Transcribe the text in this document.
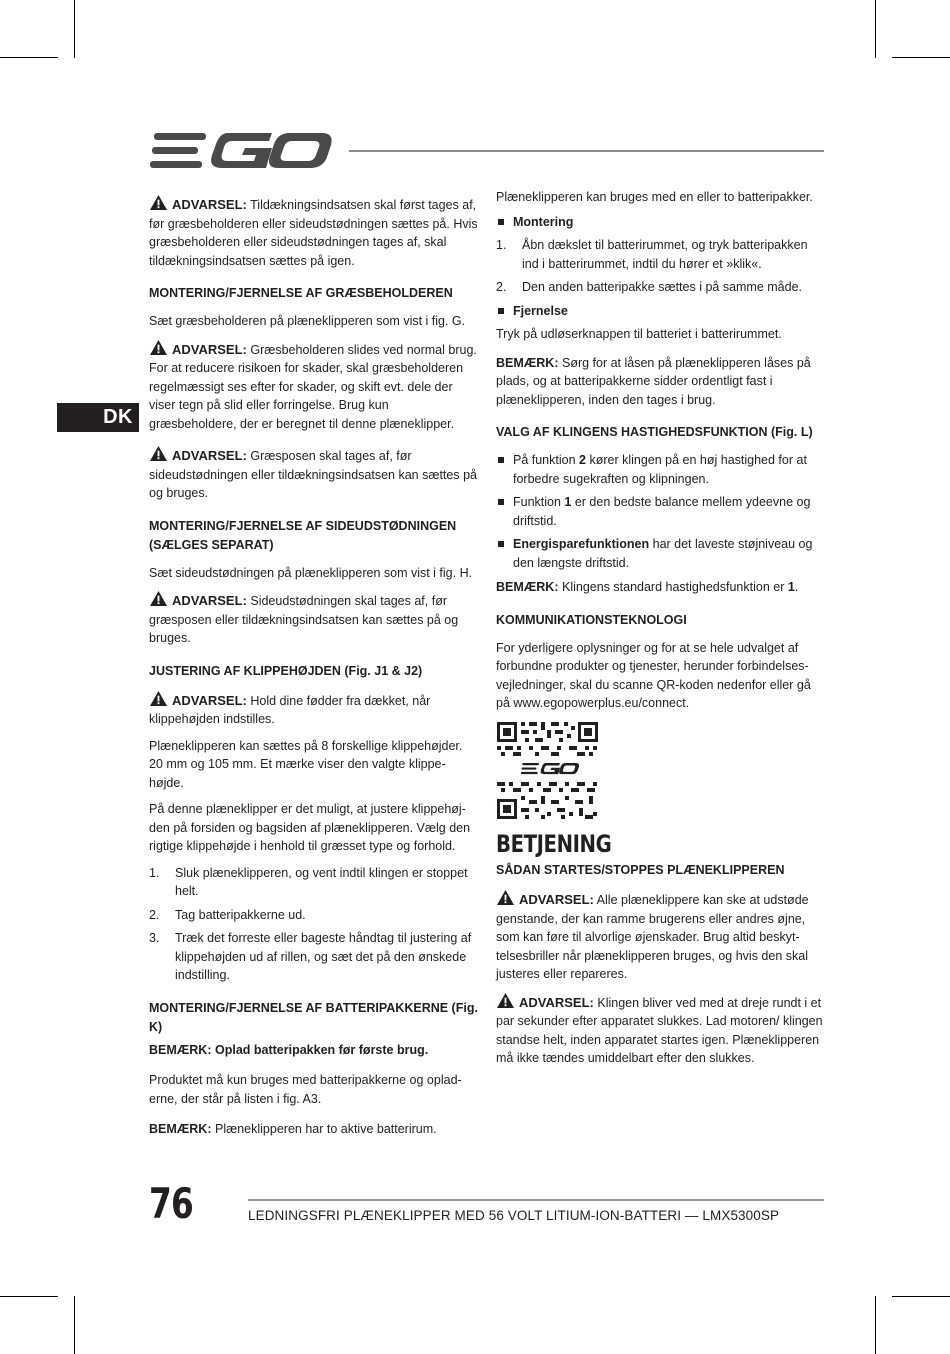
DK

ADVARSEL: Tildækningsindsatsen skal først tages af, før græsbeholderen eller sideudstødningen sættes på. Hvis græsbeholderen eller sideudstødningen tages af, skal tildækningsindsatsen sættes på igen.

MONTERING/FJERNELSE AF GRÆSBEHOLDEREN

Sæt græsbeholderen på plæneklipperen som vist i fig. G.

ADVARSEL: Græsbeholderen slides ved normal brug. For at reducere risikoen for skader, skal græsbeholderen regelmæssigt ses efter for skader, og skift evt. dele der viser tegn på slid eller forringelse. Brug kun græsbeholdere, der er beregnet til denne plæneklipper.

ADVARSEL: Græsposen skal tages af, før sideudstødningen eller tildækningsindsatsen kan sættes på og bruges.

MONTERING/FJERNELSE AF SIDEUDSTØDNINGEN (SÆLGES SEPARAT)

Sæt sideudstødningen på plæneklipperen som vist i fig. H.

ADVARSEL: Sideudstødningen skal tages af, før græsposen eller tildækningsindsatsen kan sættes på og bruges.

JUSTERING AF KLIPPEHØJDEN (Fig. J1 & J2)

ADVARSEL: Hold dine fødder fra dækket, når klippehøjden indstilles.

Plæneklipperen kan sættes på 8 forskellige klippehøjder. 20 mm og 105 mm. Et mærke viser den valgte klippe-højde.

På denne plæneklipper er det muligt, at justere klippehøj-den på forsiden og bagsiden af plæneklipperen. Vælg den rigtige klippehøjde i henhold til græsset type og forhold.

1. Sluk plæneklipperen, og vent indtil klingen er stoppet helt.
2. Tag batteripakkerne ud.
3. Træk det forreste eller bageste håndtag til justering af klippehøjden ud af rillen, og sæt det på den ønskede indstilling.
MONTERING/FJERNELSE AF BATTERIPAKKERNE (Fig. K)

BEMÆRK: Oplad batteripakken før første brug.

Produktet må kun bruges med batteripakkerne og oplad-erne, der står på listen i fig. A3.

BEMÆRK: Plæneklipperen har to aktive batterirum.

Plæneklipperen kan bruges med en eller to batteripakker.

Montering
1. Åbn dækslet til batterirummet, og tryk batteripakken ind i batterirummet, indtil du hører et »klik«.
2. Den anden batteripakke sættes i på samme måde.
Fjernelse

Tryk på udløserknappen til batteriet i batterirummet.

BEMÆRK: Sørg for at låsen på plæneklipperen låses på plads, og at batteripakkerne sidder ordentligt fast i plæneklipperen, inden den tages i brug.

VALG AF KLINGENS HASTIGHEDSFUNKTION (Fig. L)
På funktion 2 kører klingen på en høj hastighed for at forbedre sugekraften og klipningen.
Funktion 1 er den bedste balance mellem ydeevne og driftstid.
Energisparefunktionen har det laveste støjniveau og den længste driftstid.

BEMÆRK: Klingens standard hastighedsfunktion er 1.

KOMMUNIKATIONSTEKNOLOGI

For yderligere oplysninger og for at se hele udvalget af forbundne produkter og tjenester, herunder forbindelses-vejledninger, skal du scanne QR-koden nedenfor eller gå på www.egopowerplus.eu/connect.

BETJENING
SÅDAN STARTES/STOPPES PLÆNEKLIPPEREN

ADVARSEL: Alle plæneklippere kan ske at udstøde genstande, der kan ramme brugerens eller andres øjne, som kan føre til alvorlige øjenskader. Brug altid beskyt-telsesbriller når plæneklipperen bruges, og hvis den skal justeres eller repareres.

ADVARSEL: Klingen bliver ved med at dreje rundt i et par sekunder efter apparatet slukkes. Lad motoren/ klingen standse helt, inden apparatet startes igen. Plæneklipperen må ikke tændes umiddelbart efter den slukkes.

76	LEDNINGSFRI PLÆNEKLIPPER MED 56 VOLT LITIUM-ION-BATTERI — LMX5300SP
